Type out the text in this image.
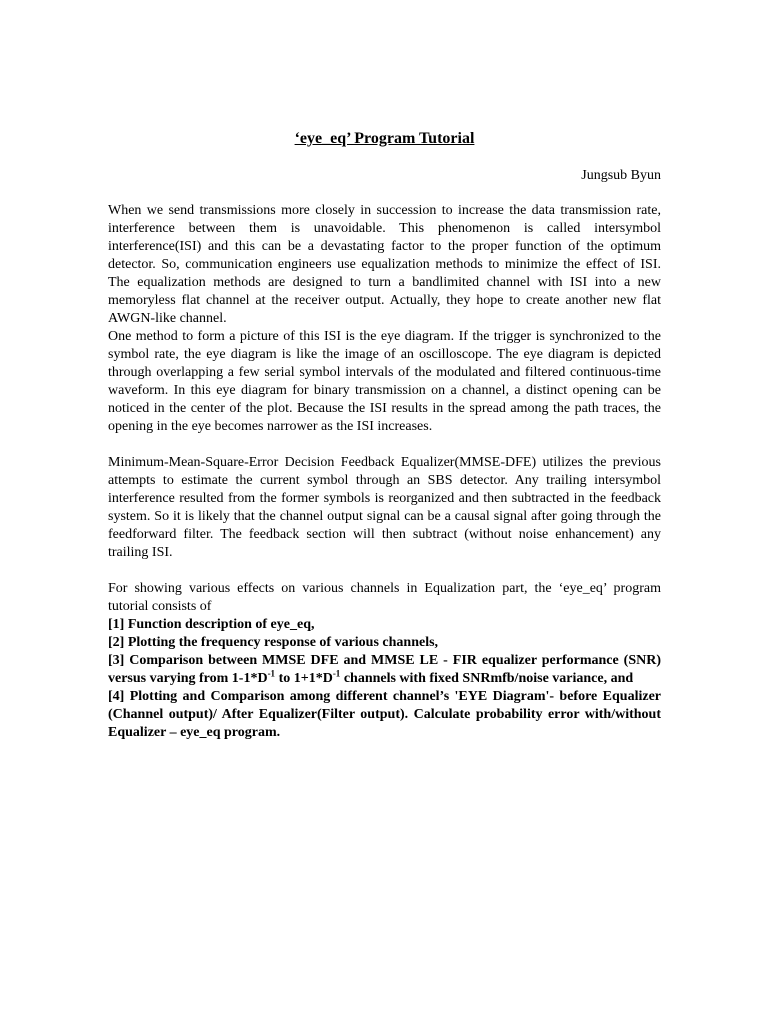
‘eye_eq’ Program Tutorial
Jungsub Byun

When we send transmissions more closely in succession to increase the data transmission rate, interference between them is unavoidable. This phenomenon is called intersymbol interference(ISI) and this can be a devastating factor to the proper function of the optimum detector. So, communication engineers use equalization methods to minimize the effect of ISI. The equalization methods are designed to turn a bandlimited channel with ISI into a new memoryless flat channel at the receiver output. Actually, they hope to create another new flat AWGN-like channel.

One method to form a picture of this ISI is the eye diagram. If the trigger is synchronized to the symbol rate, the eye diagram is like the image of an oscilloscope. The eye diagram is depicted through overlapping a few serial symbol intervals of the modulated and filtered continuous-time waveform. In this eye diagram for binary transmission on a channel, a distinct opening can be noticed in the center of the plot. Because the ISI results in the spread among the path traces, the opening in the eye becomes narrower as the ISI increases.

Minimum-Mean-Square-Error Decision Feedback Equalizer(MMSE-DFE) utilizes the previous attempts to estimate the current symbol through an SBS detector. Any trailing intersymbol interference resulted from the former symbols is reorganized and then subtracted in the feedback system. So it is likely that the channel output signal can be a causal signal after going through the feedforward filter. The feedback section will then subtract (without noise enhancement) any trailing ISI.

For showing various effects on various channels in Equalization part, the ‘eye_eq’ program tutorial consists of

[1] Function description of eye_eq,

[2] Plotting the frequency response of various channels,

[3] Comparison between MMSE DFE and MMSE LE - FIR equalizer performance (SNR) versus varying from $1-1*D^{-1}$ to $1+1*D^{-1}$ channels with fixed SNRmfb/noise variance, and

[4] Plotting and Comparison among different channel’s 'EYE Diagram'- before Equalizer (Channel output)/ After Equalizer(Filter output). Calculate probability error with/without Equalizer – eye_eq program.
